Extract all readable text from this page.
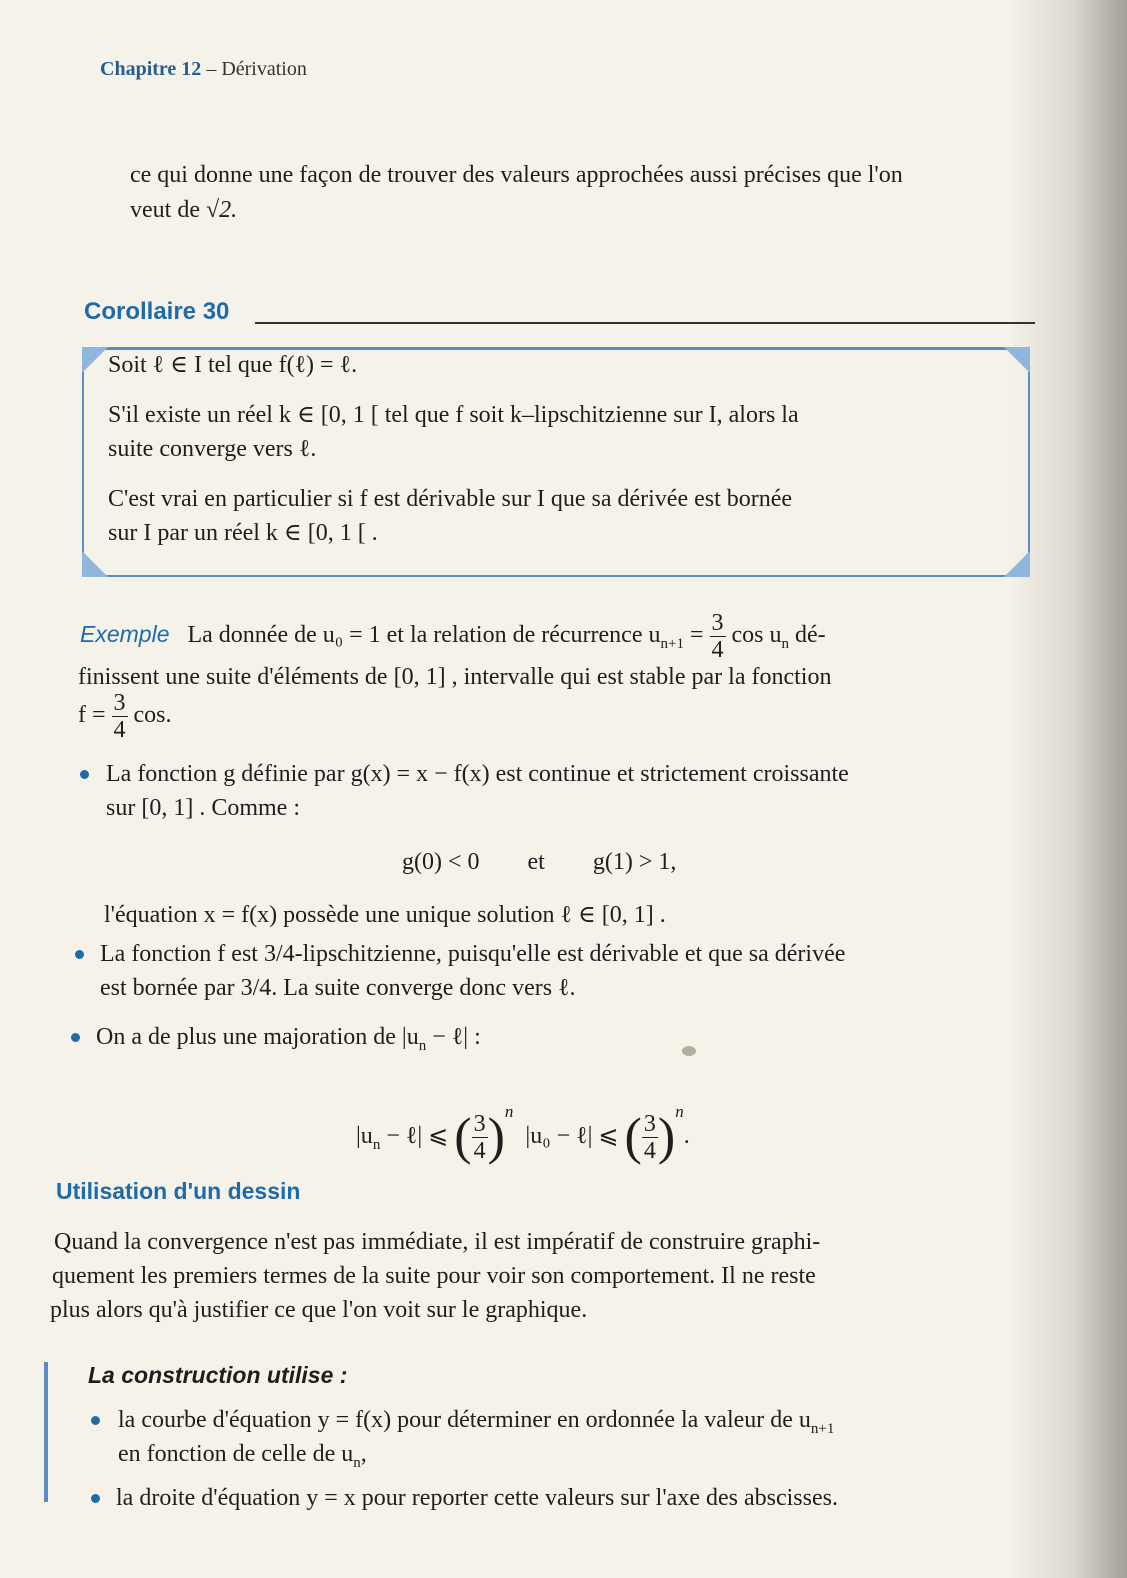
Chapitre 12 – Dérivation
ce qui donne une façon de trouver des valeurs approchées aussi précises que l'on
veut de √2.
Corollaire 30
Soit ℓ ∈ I tel que f(ℓ) = ℓ.
S'il existe un réel k ∈ [0, 1 [ tel que f soit k–lipschitzienne sur I, alors la
suite converge vers ℓ.
C'est vrai en particulier si f est dérivable sur I que sa dérivée est bornée
sur I par un réel k ∈ [0, 1 [ .
Exemple La donnée de u₀ = 1 et la relation de récurrence $u_{n+1} = \frac{3}{4}$ $\cos u_n$ dé-
finissent une suite d'éléments de [0, 1] , intervalle qui est stable par la fonction
$f = \frac{3}{4} \cos$.
La fonction g définie par g(x) = x − f(x) est continue et strictement croissante
sur [0, 1] . Comme :
g(0) < 0        et        g(1) > 1,
l'équation x = f(x) possède une unique solution ℓ ∈ [0, 1] .
La fonction f est 3/4-lipschitzienne, puisqu'elle est dérivable et que sa dérivée
est bornée par 3/4. La suite converge donc vers ℓ.
On a de plus une majoration de $|u_n$ − ℓ| :
$|u_n$ − ℓ| ⩽ ( $\frac{3}{4} )^n$  |u₀ − ℓ| ⩽ ( $\frac{3}{4} )^n$.
Utilisation d'un dessin
Quand la convergence n'est pas immédiate, il est impératif de construire graphi-
quement les premiers termes de la suite pour voir son comportement. Il ne reste
plus alors qu'à justifier ce que l'on voit sur le graphique.
La construction utilise :
la courbe d'équation y = f(x) pour déterminer en ordonnée la valeur de $u_{n+1}$
en fonction de celle de $u_n$,
la droite d'équation y = x pour reporter cette valeurs sur l'axe des abscisses.
